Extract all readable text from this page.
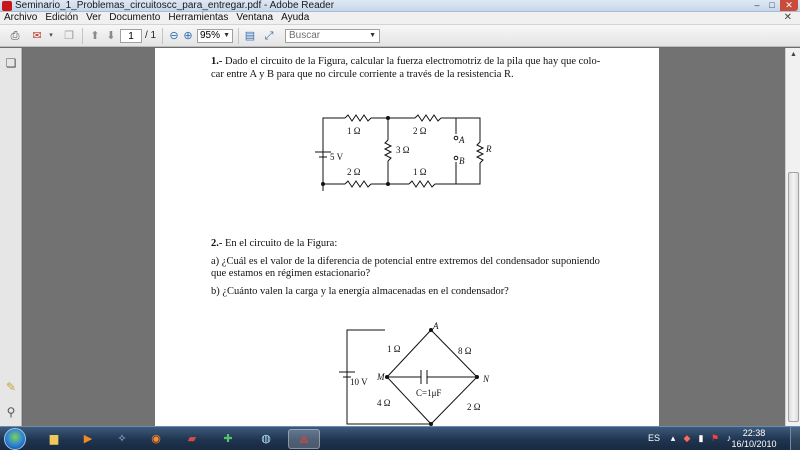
Seminario_1_Problemas_circuitoscc_para_entregar.pdf - Adobe Reader	–	□	✕
Archivo Edición Ver Documento Herramientas Ventana Ayuda	✕
⎙ ✉	▾	❐ ⬆ ⬇
1	/ 1 ⊖ ⊕ 95% ▼ ▤ ⤢	Buscar	▼
❏
✎
⚲
1.- Dado el circuito de la Figura, calcular la fuerza electromotriz de la pila que hay que colo-
car entre A y B para que no circule corriente a través de la resistencia R.
1 Ω	2 Ω
3 Ω
2 Ω	1 Ω
5 V
A
B
R
A
M	N
1 Ω	8 Ω
4 Ω	2 Ω
10 V
C=1μF
2.- En el circuito de la Figura:
a) ¿Cuál es el valor de la diferencia de potencial entre extremos del condensador suponiendo
que estamos en régimen estacionario?
b) ¿Cuánto valen la carga y la energía almacenadas en el condensador?
▲
▆	▶	✧	◉	▰	✚	◍	⟁	ES	▴ ◆ ▮ ⚑ ♪	22:38
16/10/2010
